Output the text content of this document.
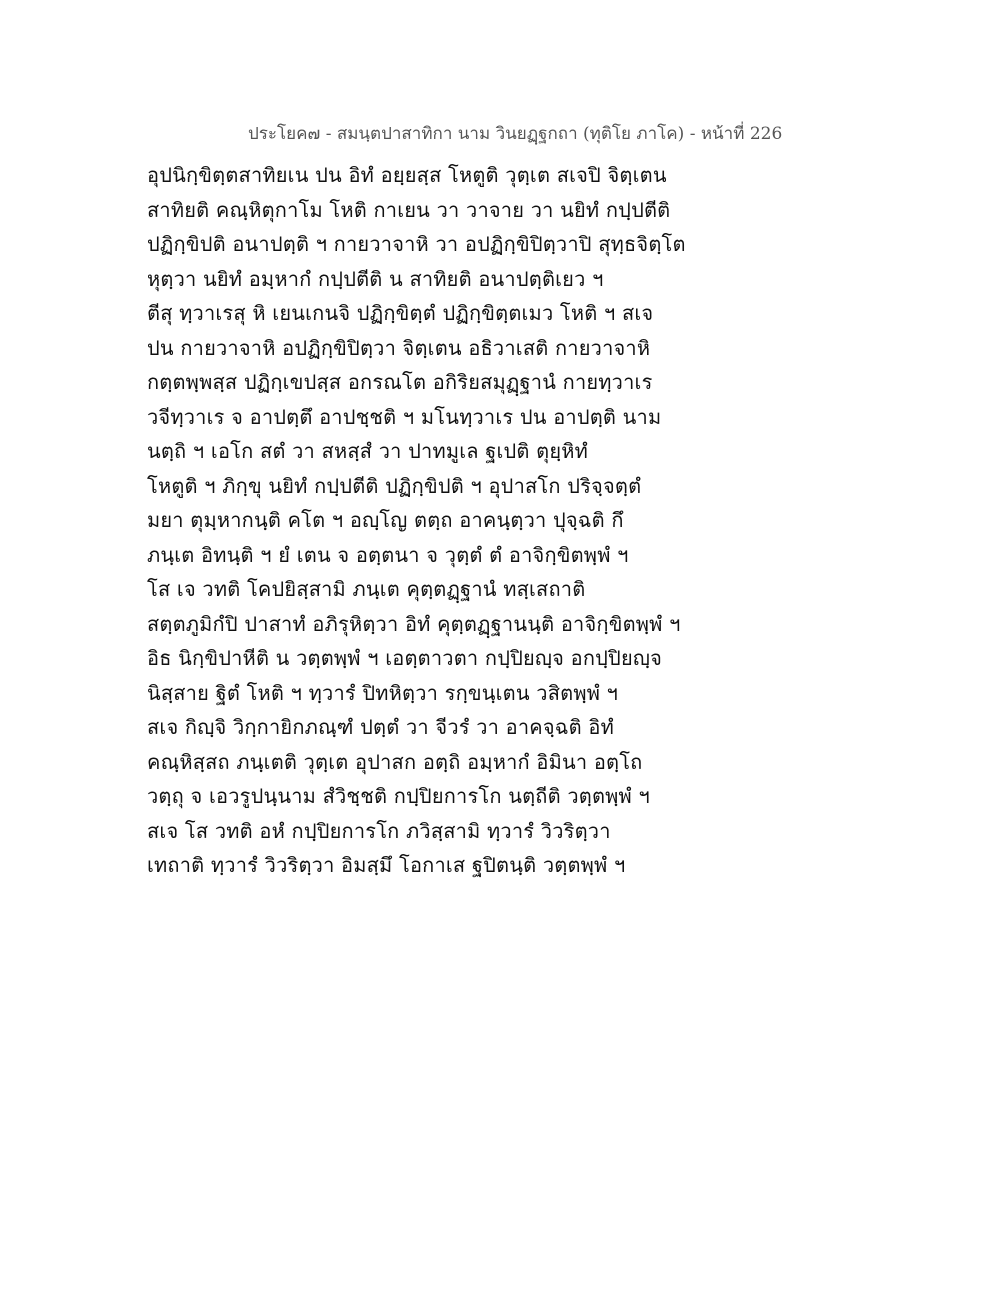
ประโยค๗ - สมนฺตปาสาทิกา นาม วินยฏฺฐกถา (ทุติโย ภาโค) - หน้าที่ 226
อุปนิกฺขิตฺตสาทิยเน ปน อิทํ อยฺยสฺส โหตูติ วุตฺเต สเจปิ จิตฺเตน
สาทิยติ คณฺหิตุกาโม โหติ กาเยน วา วาจาย วา นยิทํ กปฺปตีติ
ปฏิกฺขิปติ อนาปตฺติ ฯ กายวาจาหิ วา อปฏิกฺขิปิตฺวาปิ สุทฺธจิตฺโต
หุตฺวา นยิทํ อมฺหากํ กปฺปตีติ น สาทิยติ อนาปตฺติเยว ฯ
ตีสุ ทฺวาเรสุ หิ เยนเกนจิ ปฏิกฺขิตฺตํ ปฏิกฺขิตฺตเมว โหติ ฯ สเจ
ปน กายวาจาหิ อปฏิกฺขิปิตฺวา จิตฺเตน อธิวาเสติ กายวาจาหิ
กตฺตพฺพสฺส ปฏิกฺเขปสฺส อกรณโต อกิริยสมุฏฺฐานํ กายทฺวาเร
วจีทฺวาเร จ อาปตฺตึ อาปชฺชติ ฯ มโนทฺวาเร ปน อาปตฺติ นาม
นตฺถิ ฯ เอโก สตํ วา สหสฺสํ วา ปาทมูเล ฐเปติ ตุยฺหิทํ
โหตูติ ฯ ภิกฺขุ นยิทํ กปฺปตีติ ปฏิกฺขิปติ ฯ อุปาสโก ปริจฺจตฺตํ
มยา ตุมฺหากนฺติ คโต ฯ อญฺโญ ตตฺถ อาคนฺตฺวา ปุจฺฉติ กึ
ภนฺเต อิทนฺติ ฯ ยํ เตน จ อตฺตนา จ วุตฺตํ ตํ อาจิกฺขิตพฺพํ ฯ
โส เจ วทติ โคปยิสฺสามิ ภนฺเต คุตฺตฏฺฐานํ ทสฺเสถาติ
สตฺตภูมิกํปิ ปาสาทํ อภิรุหิตฺวา อิทํ คุตฺตฏฺฐานนฺติ อาจิกฺขิตพฺพํ ฯ
อิธ นิกฺขิปาหีติ น วตฺตพฺพํ ฯ เอตฺตาวตา กปฺปิยญฺจ อกปฺปิยญฺจ
นิสฺสาย ฐิตํ โหติ ฯ ทฺวารํ ปิทหิตฺวา รกฺขนฺเตน วสิตพฺพํ ฯ
สเจ กิญฺจิ วิกฺกายิกภณฺฑํ ปตฺตํ วา จีวรํ วา อาคจฺฉติ อิทํ
คณฺหิสฺสถ ภนฺเตติ วุตฺเต อุปาสก อตฺถิ อมฺหากํ อิมินา อตฺโถ
วตฺถุ จ เอวรูปนฺนาม สํวิชฺชติ กปฺปิยการโก นตฺถีติ วตฺตพฺพํ ฯ
สเจ โส วทติ อหํ กปฺปิยการโก ภวิสฺสามิ ทฺวารํ วิวริตฺวา
เทถาติ ทฺวารํ วิวริตฺวา อิมสฺมึ โอกาเส ฐปิตนฺติ วตฺตพฺพํ ฯ
